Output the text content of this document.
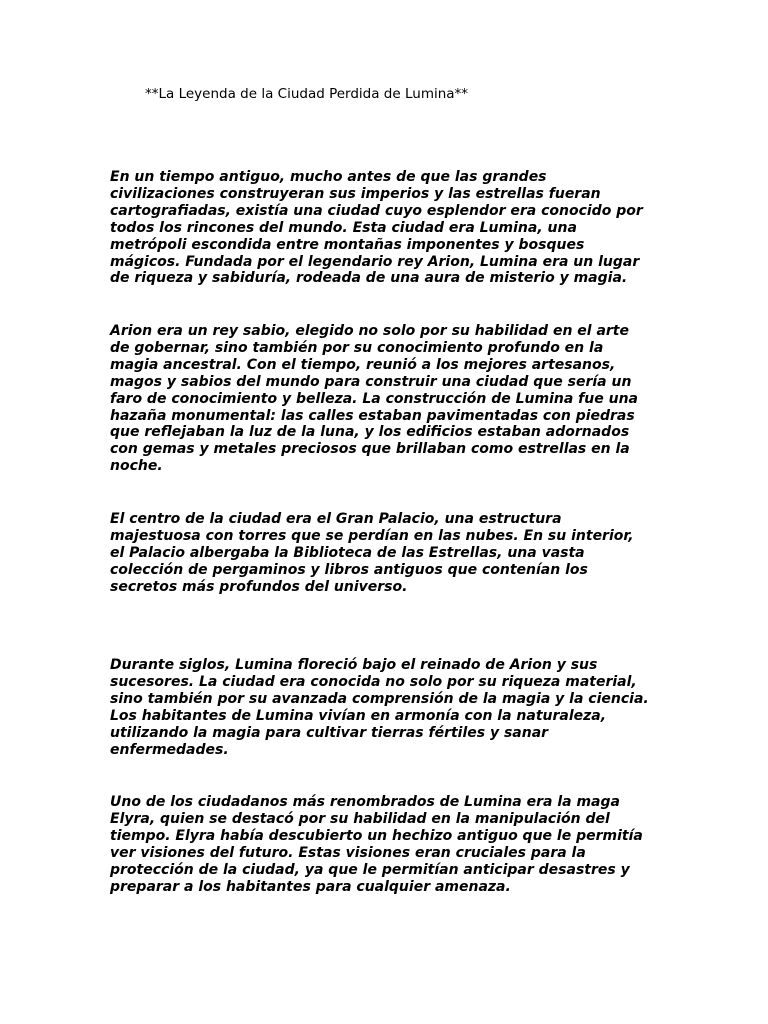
**La Leyenda de la Ciudad Perdida de Lumina**
En un tiempo antiguo, mucho antes de que las grandes
civilizaciones construyeran sus imperios y las estrellas fueran
cartografiadas, existía una ciudad cuyo esplendor era conocido por
todos los rincones del mundo. Esta ciudad era Lumina, una
metrópoli escondida entre montañas imponentes y bosques
mágicos. Fundada por el legendario rey Arion, Lumina era un lugar
de riqueza y sabiduría, rodeada de una aura de misterio y magia.
Arion era un rey sabio, elegido no solo por su habilidad en el arte
de gobernar, sino también por su conocimiento profundo en la
magia ancestral. Con el tiempo, reunió a los mejores artesanos,
magos y sabios del mundo para construir una ciudad que sería un
faro de conocimiento y belleza. La construcción de Lumina fue una
hazaña monumental: las calles estaban pavimentadas con piedras
que reflejaban la luz de la luna, y los edificios estaban adornados
con gemas y metales preciosos que brillaban como estrellas en la
noche.
El centro de la ciudad era el Gran Palacio, una estructura
majestuosa con torres que se perdían en las nubes. En su interior,
el Palacio albergaba la Biblioteca de las Estrellas, una vasta
colección de pergaminos y libros antiguos que contenían los
secretos más profundos del universo.
Durante siglos, Lumina floreció bajo el reinado de Arion y sus
sucesores. La ciudad era conocida no solo por su riqueza material,
sino también por su avanzada comprensión de la magia y la ciencia.
Los habitantes de Lumina vivían en armonía con la naturaleza,
utilizando la magia para cultivar tierras fértiles y sanar
enfermedades.
Uno de los ciudadanos más renombrados de Lumina era la maga
Elyra, quien se destacó por su habilidad en la manipulación del
tiempo. Elyra había descubierto un hechizo antiguo que le permitía
ver visiones del futuro. Estas visiones eran cruciales para la
protección de la ciudad, ya que le permitían anticipar desastres y
preparar a los habitantes para cualquier amenaza.
